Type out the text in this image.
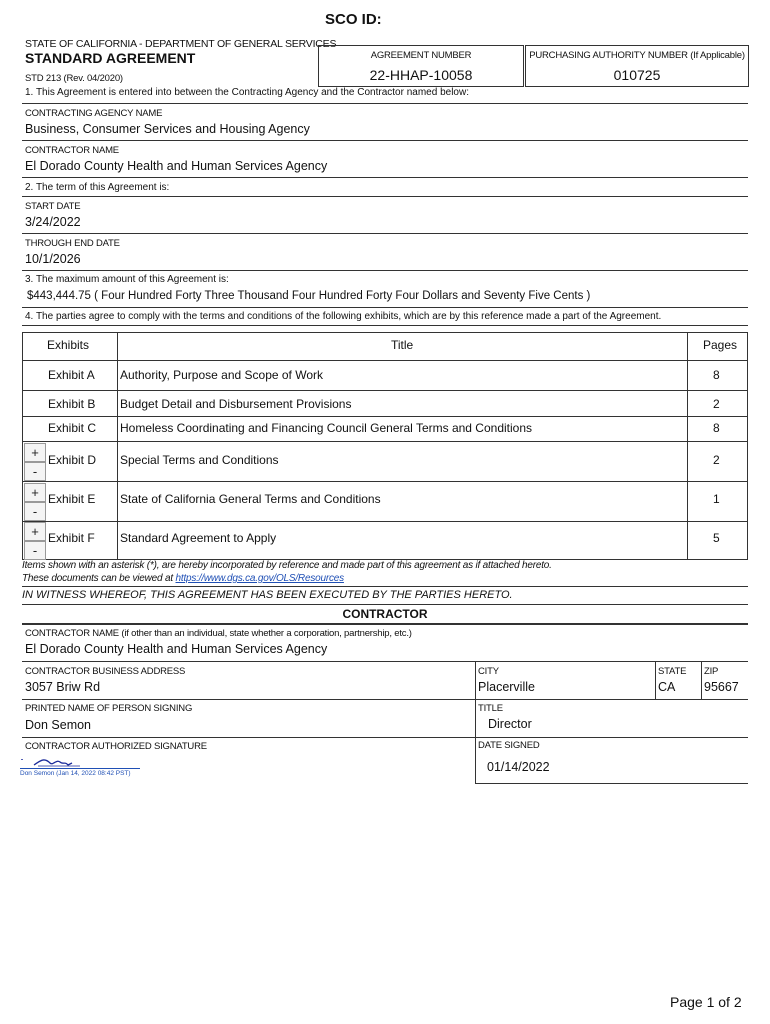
SCO ID:
STATE OF CALIFORNIA - DEPARTMENT OF GENERAL SERVICES
STANDARD AGREEMENT
STD 213 (Rev. 04/2020)
AGREEMENT NUMBER
22-HHAP-10058
PURCHASING AUTHORITY NUMBER (If Applicable)
010725
1. This Agreement is entered into between the Contracting Agency and the Contractor named below:
CONTRACTING AGENCY NAME
Business, Consumer Services and Housing Agency
CONTRACTOR NAME
El Dorado County Health and Human Services Agency
2. The term of this Agreement is:
START DATE
3/24/2022
THROUGH END DATE
10/1/2026
3. The maximum amount of this Agreement is:
$443,444.75 ( Four Hundred Forty Three Thousand Four Hundred Forty Four Dollars and Seventy Five Cents )
4. The parties agree to comply with the terms and conditions of the following exhibits, which are by this reference made a part of the Agreement.
Exhibits	Title	Pages
Exhibit A Authority, Purpose and Scope of Work	8
Exhibit B Budget Detail and Disbursement Provisions	2
Exhibit C Homeless Coordinating and Financing Council General Terms and Conditions	8
Exhibit D Special Terms and Conditions	2
Exhibit E State of California General Terms and Conditions	1
Exhibit F Standard Agreement to Apply	5
+
-
+
-
+
-
Items shown with an asterisk (*), are hereby incorporated by reference and made part of this agreement as if attached hereto.
These documents can be viewed at https://www.dgs.ca.gov/OLS/Resources
IN WITNESS WHEREOF, THIS AGREEMENT HAS BEEN EXECUTED BY THE PARTIES HERETO.
CONTRACTOR
CONTRACTOR NAME (if other than an individual, state whether a corporation, partnership, etc.)
El Dorado County Health and Human Services Agency
CONTRACTOR BUSINESS ADDRESS
3057 Briw Rd
CITY
Placerville
STATE
CA
ZIP
95667
PRINTED NAME OF PERSON SIGNING
Don Semon
TITLE
Director
CONTRACTOR AUTHORIZED SIGNATURE
Don Semon (Jan 14, 2022 08:42 PST)
DATE SIGNED
01/14/2022
Page 1 of 2
